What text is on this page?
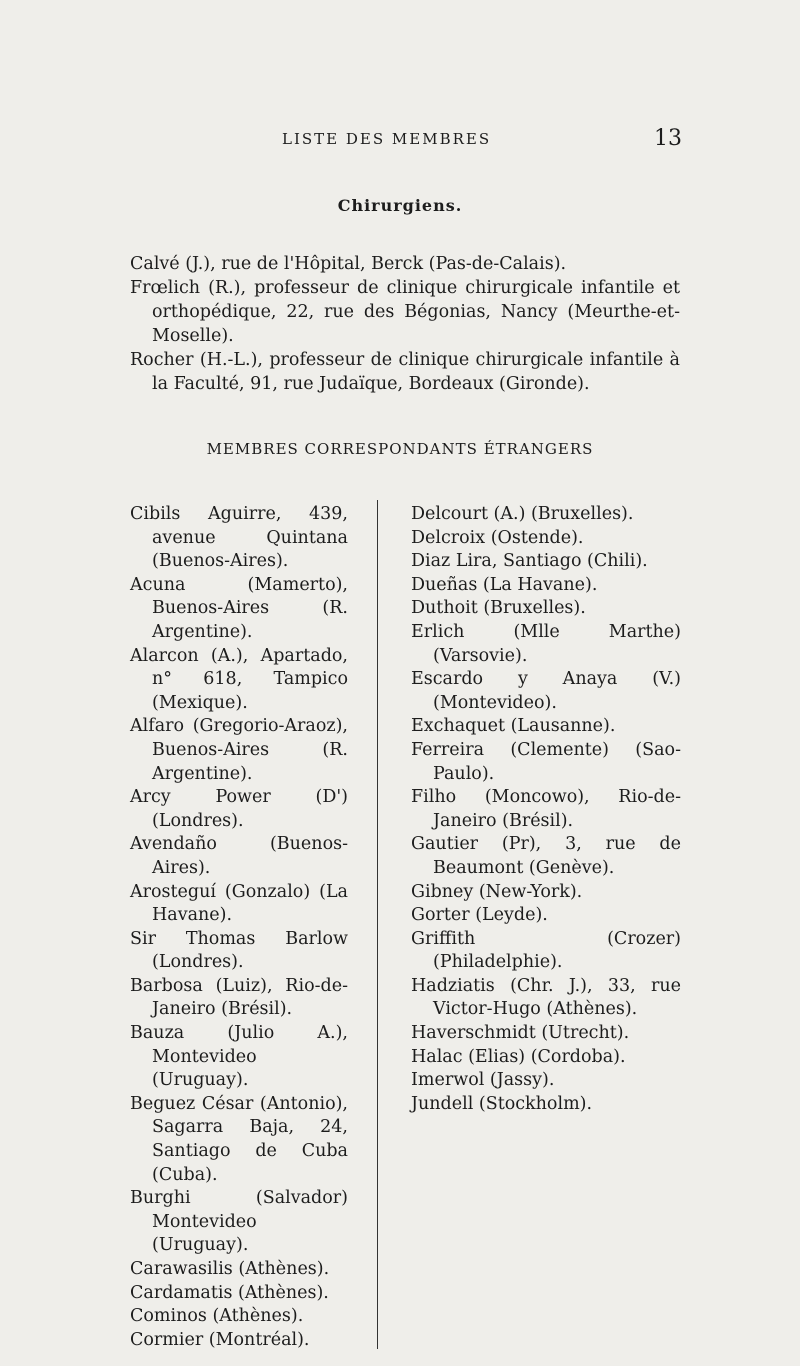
LISTE DES MEMBRES	13
Chirurgiens.
Calvé (J.), rue de l'Hôpital, Berck (Pas-de-Calais).
Frœlich (R.), professeur de clinique chirurgicale infantile et orthopédique, 22, rue des Bégonias, Nancy (Meurthe-et-Moselle).
Rocher (H.-L.), professeur de clinique chirurgicale infantile à la Faculté, 91, rue Judaïque, Bordeaux (Gironde).
MEMBRES CORRESPONDANTS ÉTRANGERS
Cibils Aguirre, 439, avenue Quintana (Buenos-Aires).
Acuna (Mamerto), Buenos-Aires (R. Argentine).
Alarcon (A.), Apartado, n° 618, Tampico (Mexique).
Alfaro (Gregorio-Araoz), Buenos-Aires (R. Argentine).
Arcy Power (D') (Londres).
Avendaño (Buenos-Aires).
Arosteguí (Gonzalo) (La Havane).
Sir Thomas Barlow (Londres).
Barbosa (Luiz), Rio-de-Janeiro (Brésil).
Bauza (Julio A.), Montevideo (Uruguay).
Beguez César (Antonio), Sagarra Baja, 24, Santiago de Cuba (Cuba).
Burghi (Salvador) Montevideo (Uruguay).
Carawasilis (Athènes).
Cardamatis (Athènes).
Cominos (Athènes).
Cormier (Montréal).
Delcourt (A.) (Bruxelles).
Delcroix (Ostende).
Diaz Lira, Santiago (Chili).
Dueñas (La Havane).
Duthoit (Bruxelles).
Erlich (Mlle Marthe) (Varsovie).
Escardo y Anaya (V.) (Montevideo).
Exchaquet (Lausanne).
Ferreira (Clemente) (Sao-Paulo).
Filho (Moncowo), Rio-de-Janeiro (Brésil).
Gautier (Pr), 3, rue de Beaumont (Genève).
Gibney (New-York).
Gorter (Leyde).
Griffith (Crozer) (Philadelphie).
Hadziatis (Chr. J.), 33, rue Victor-Hugo (Athènes).
Haverschmidt (Utrecht).
Halac (Elias) (Cordoba).
Imerwol (Jassy).
Jundell (Stockholm).
